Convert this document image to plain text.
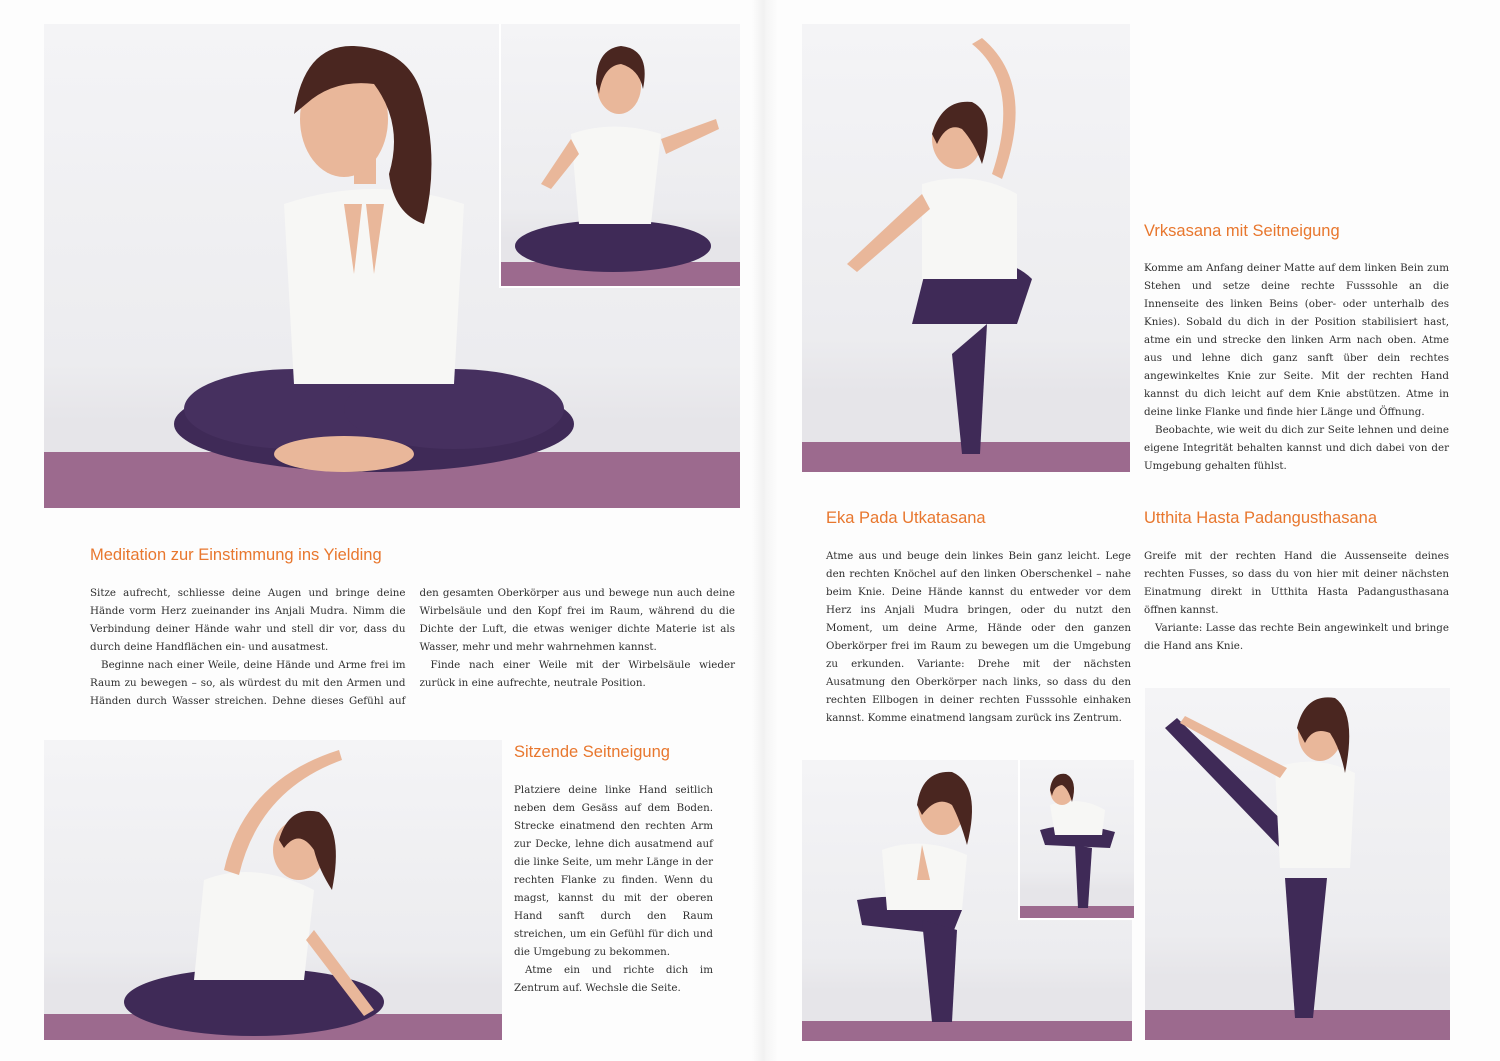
Meditation zur Einstimmung ins Yielding
Sitzende Seitneigung
Vrksasana mit Seitneigung
Eka Pada Utkatasana	Utthita Hasta Padangusthasana

Sitze aufrecht, schliesse deine Augen und bringe deine Hände vorm Herz zueinander ins Anjali Mudra. Nimm die Verbindung deiner Hände wahr und stell dir vor, dass du durch deine Handflächen ein- und ausatmest.

Beginne nach einer Weile, deine Hände und Arme frei im Raum zu bewegen – so, als würdest du mit den Armen und Händen durch Wasser streichen. Dehne dieses Gefühl auf den gesamten Oberkörper aus und bewege nun auch deine Wirbelsäule und den Kopf frei im Raum, während du die Dichte der Luft, die etwas weniger dichte Materie ist als Wasser, mehr und mehr wahrnehmen kannst.

Finde nach einer Weile mit der Wirbelsäule wieder zurück in eine aufrechte, neutrale Position.

Platziere deine linke Hand seitlich neben dem Gesäss auf dem Boden. Strecke einatmend den rechten Arm zur Decke, lehne dich ausatmend auf die linke Seite, um mehr Länge in der rechten Flanke zu finden. Wenn du magst, kannst du mit der oberen Hand sanft durch den Raum streichen, um ein Gefühl für dich und die Umgebung zu bekommen.

Atme ein und richte dich im Zentrum auf. Wechsle die Seite.

Komme am Anfang deiner Matte auf dem linken Bein zum Stehen und setze deine rechte Fusssohle an die Innenseite des linken Beins (ober- oder unterhalb des Knies). Sobald du dich in der Position stabilisiert hast, atme ein und strecke den linken Arm nach oben. Atme aus und lehne dich ganz sanft über dein rechtes angewinkeltes Knie zur Seite. Mit der rechten Hand kannst du dich leicht auf dem Knie abstützen. Atme in deine linke Flanke und finde hier Länge und Öffnung.

Beobachte, wie weit du dich zur Seite lehnen und deine eigene Integrität behalten kannst und dich dabei von der Umgebung gehalten fühlst.

Atme aus und beuge dein linkes Bein ganz leicht. Lege den rechten Knöchel auf den linken Oberschenkel – nahe beim Knie. Deine Hände kannst du entweder vor dem Herz ins Anjali Mudra bringen, oder du nutzt den Moment, um deine Arme, Hände oder den ganzen Oberkörper frei im Raum zu bewegen um die Umgebung zu erkunden. Variante: Drehe mit der nächsten Ausatmung den Oberkörper nach links, so dass du den rechten Ellbogen in deiner rechten Fusssohle einhaken kannst. Komme einatmend langsam zurück ins Zentrum.

Greife mit der rechten Hand die Aussenseite deines rechten Fusses, so dass du von hier mit deiner nächsten Einatmung direkt in Utthita Hasta Padangusthasana öffnen kannst.

Variante: Lasse das rechte Bein angewinkelt und bringe die Hand ans Knie.
